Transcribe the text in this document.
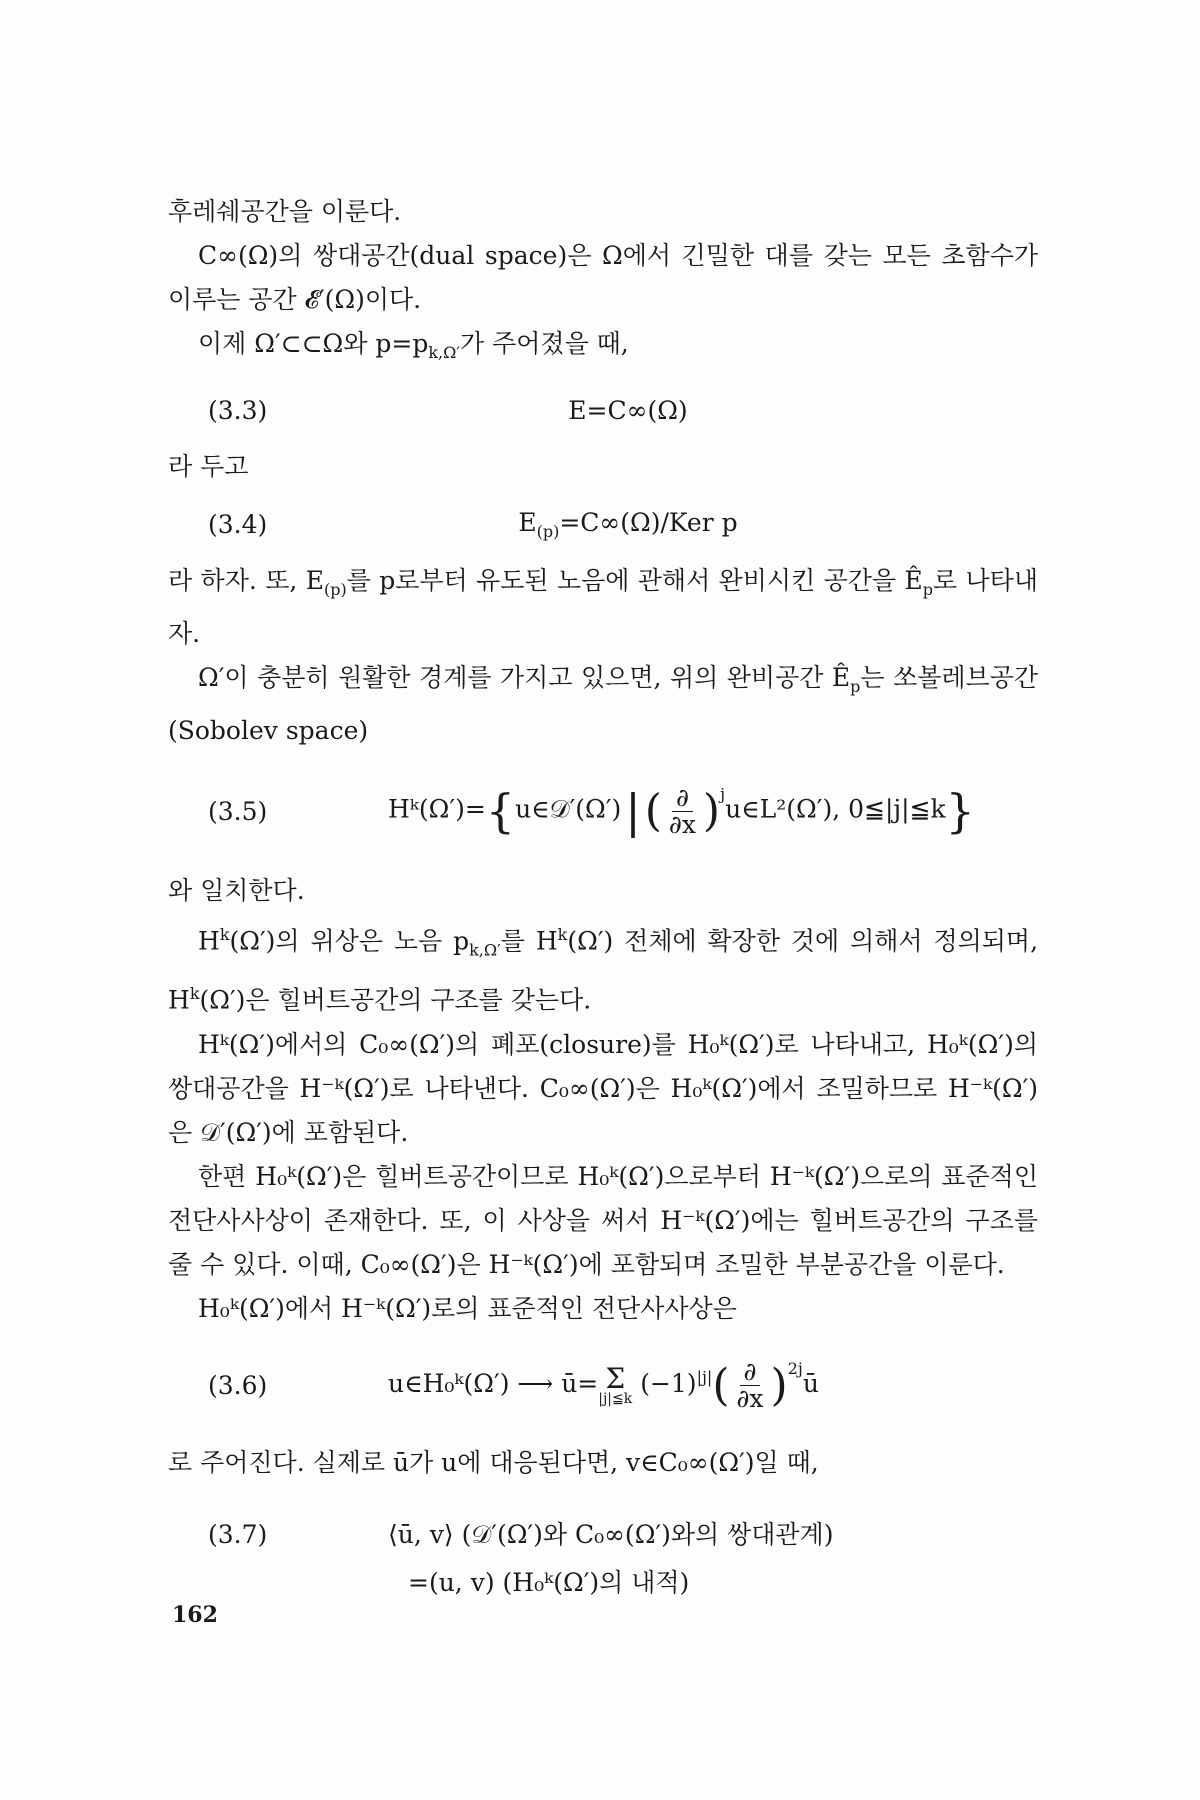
후레쉐공간을 이룬다.

C∞(Ω)의 쌍대공간(dual space)은 Ω에서 긴밀한 대를 갖는 모든 초함수가 이루는 공간 𝓔′(Ω)이다.

이제 Ω′⊂⊂Ω와 $p=p_{k,\Omega'}$가 주어졌을 때,

(3.3)	E=C∞(Ω)

라 두고

(3.4)	$E_{(p)}=C\infty(\Omega)$/Ker p

라 하자. 또, $E_{(p)}$를 p로부터 유도된 노음에 관해서 완비시킨 공간을 $Ê_p$로 나타내자.

Ω′이 충분히 원활한 경계를 가지고 있으면, 위의 완비공간 $Ê_p$는 쏘볼레브공간(Sobolev space)

(3.5)	Hᵏ(Ω′)={u∈𝒟′(Ω′)|( $\frac{\partial}{\partial x}$ )$^j$u∈L²(Ω′), 0≦|j|≦k}

와 일치한다.

$H^k(\Omega')$의 위상은 노음 $p_{k,\Omega'}$를 $H^k(\Omega')$ 전체에 확장한 것에 의해서 정의되며, $H^k(\Omega')$은 힐버트공간의 구조를 갖는다.

Hᵏ(Ω′)에서의 C₀∞(Ω′)의 폐포(closure)를 H₀ᵏ(Ω′)로 나타내고, H₀ᵏ(Ω′)의 쌍대공간을 H⁻ᵏ(Ω′)로 나타낸다. C₀∞(Ω′)은 H₀ᵏ(Ω′)에서 조밀하므로 H⁻ᵏ(Ω′)은 𝒟′(Ω′)에 포함된다.

한편 H₀ᵏ(Ω′)은 힐버트공간이므로 H₀ᵏ(Ω′)으로부터 H⁻ᵏ(Ω′)으로의 표준적인 전단사사상이 존재한다. 또, 이 사상을 써서 H⁻ᵏ(Ω′)에는 힐버트공간의 구조를 줄 수 있다. 이때, C₀∞(Ω′)은 H⁻ᵏ(Ω′)에 포함되며 조밀한 부분공간을 이룬다.

H₀ᵏ(Ω′)에서 H⁻ᵏ(Ω′)로의 표준적인 전단사사상은

(3.6)	u∈H₀ᵏ(Ω′) ⟶ ū= Σ
|j|≦k
$(-1)^{|j|}( \frac{\partial}{\partial x}$ )$^{2j}ū$

로 주어진다. 실제로 ū가 u에 대응된다면, v∈C₀∞(Ω′)일 때,

(3.7)	⟨ū, v⟩ (𝒟′(Ω′)와 C₀∞(Ω′)와의 쌍대관계)
=(u, v) (H₀ᵏ(Ω′)의 내적)
162
